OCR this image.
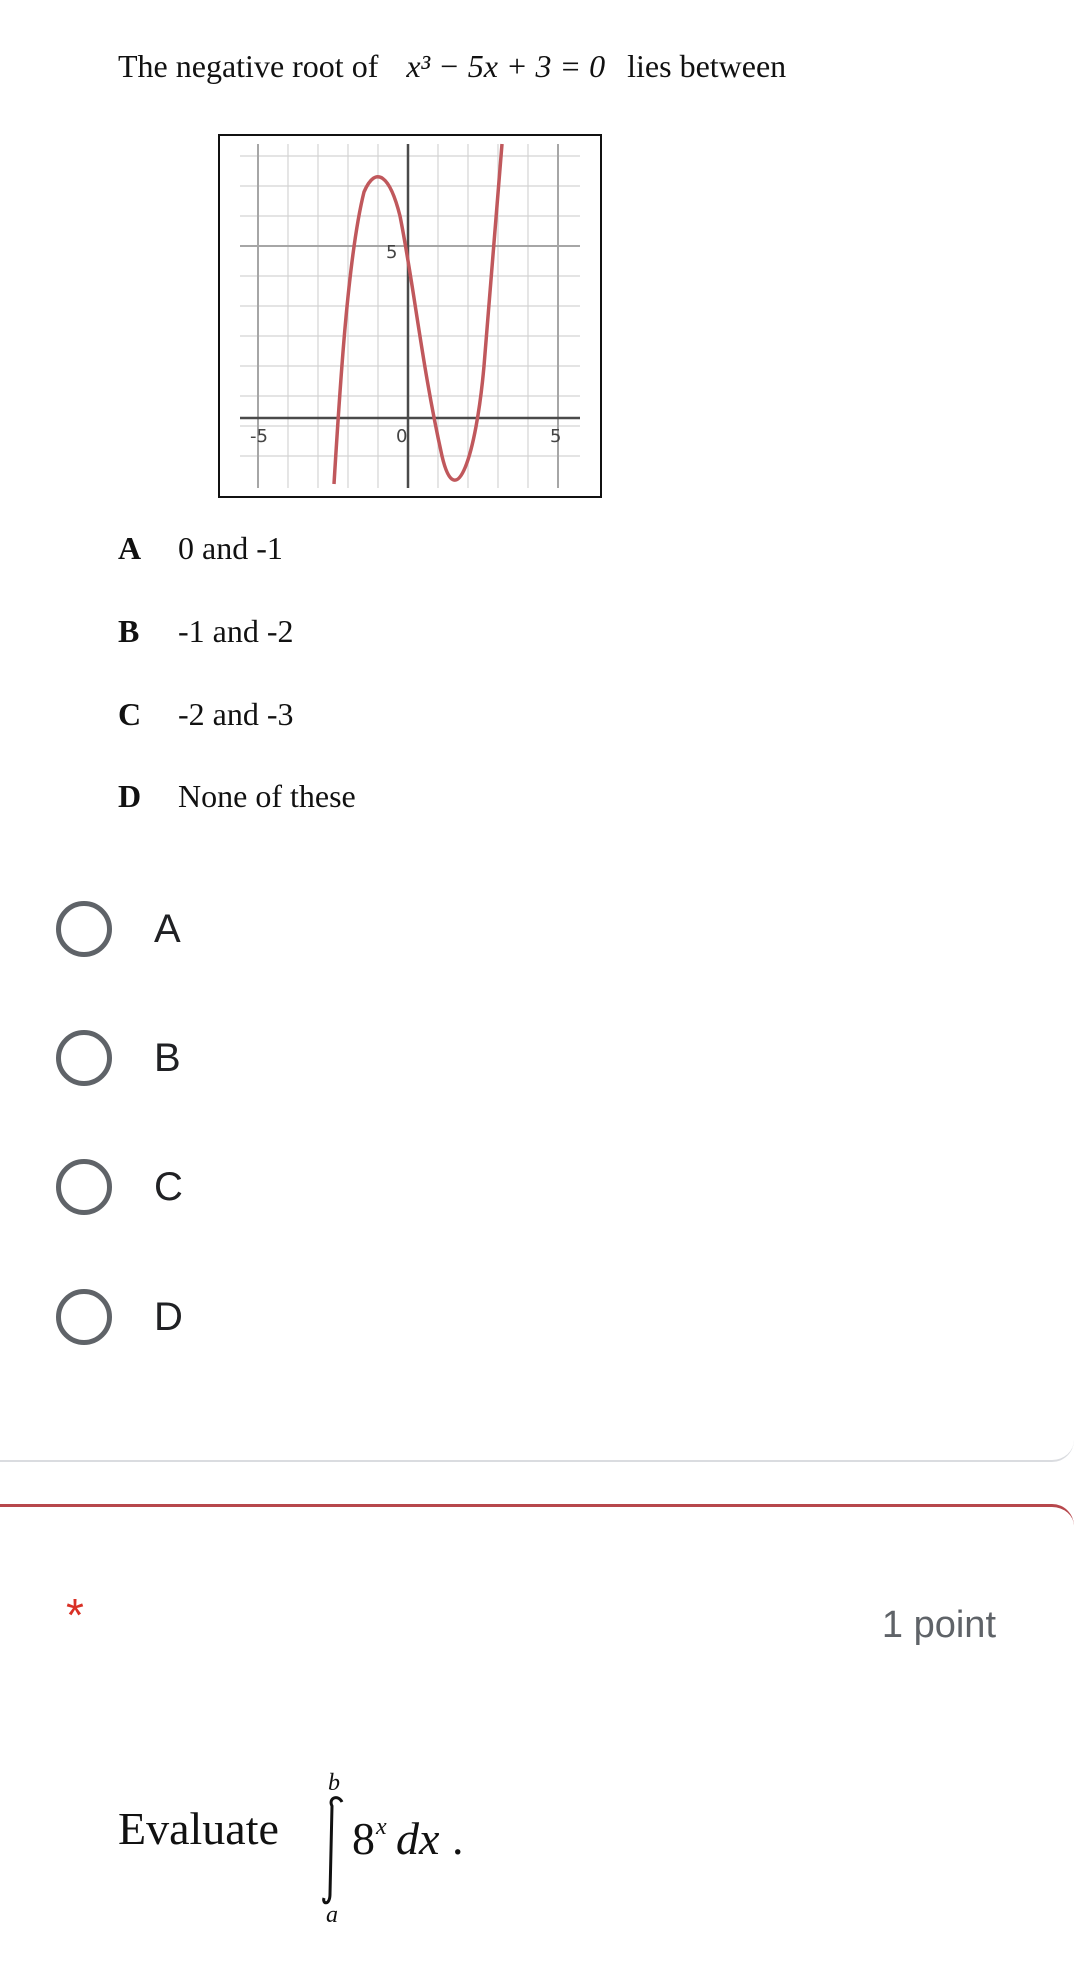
The negative root of x³ − 5x + 3 = 0 lies between
-5	0	5
5
A 0 and -1
B -1 and -2
C -2 and -3
D None of these
A
B
C
D
*	1 point
Evaluate
b
a
8 x dx .
